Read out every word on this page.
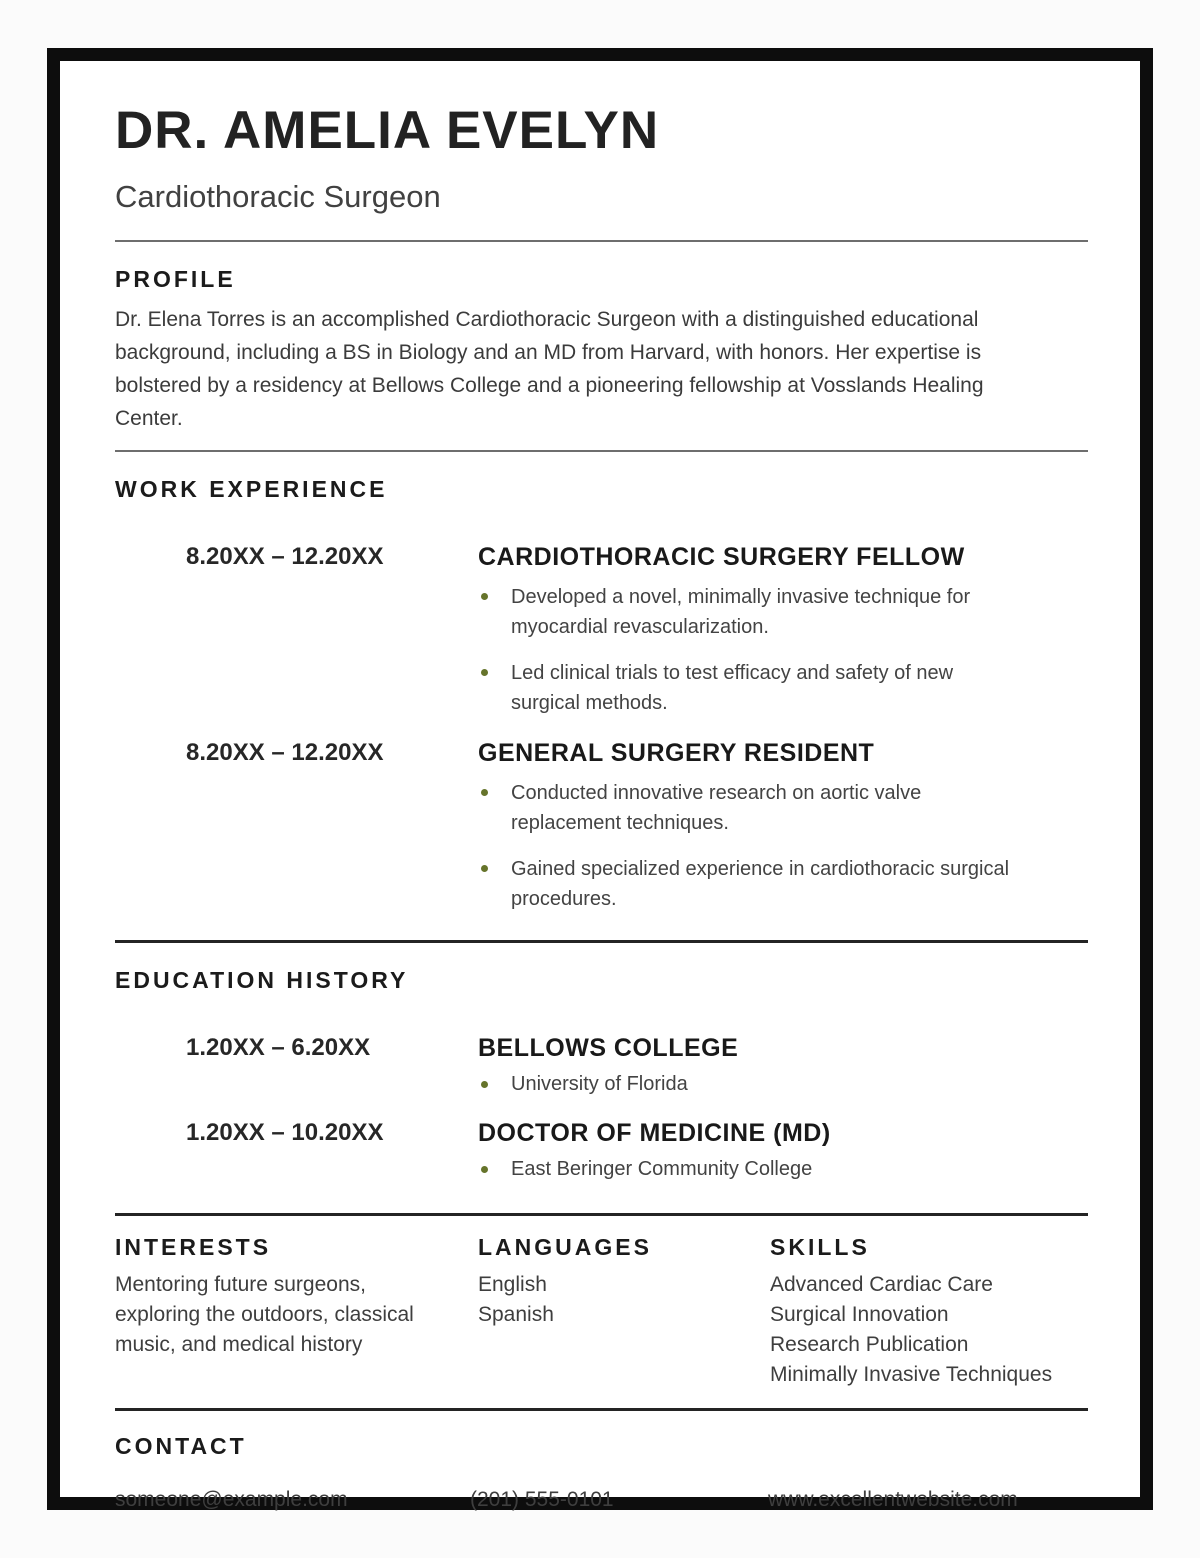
DR. AMELIA EVELYN
Cardiothoracic Surgeon
PROFILE
Dr. Elena Torres is an accomplished Cardiothoracic Surgeon with a distinguished educational background, including a BS in Biology and an MD from Harvard, with honors. Her expertise is bolstered by a residency at Bellows College and a pioneering fellowship at Vosslands Healing Center.
WORK EXPERIENCE
8.20XX – 12.20XX	CARDIOTHORACIC SURGERY FELLOW
Developed a novel, minimally invasive technique for myocardial revascularization.
Led clinical trials to test efficacy and safety of new surgical methods.
8.20XX – 12.20XX	GENERAL SURGERY RESIDENT
Conducted innovative research on aortic valve replacement techniques.
Gained specialized experience in cardiothoracic surgical procedures.
EDUCATION HISTORY
1.20XX – 6.20XX	BELLOWS COLLEGE
University of Florida
1.20XX – 10.20XX	DOCTOR OF MEDICINE (MD)
East Beringer Community College
INTERESTS
Mentoring future surgeons, exploring the outdoors, classical music, and medical history
LANGUAGES
English
Spanish
SKILLS
Advanced Cardiac Care
Surgical Innovation
Research Publication
Minimally Invasive Techniques
CONTACT
someone@example.com	(201) 555-0101	www.excellentwebsite.com
